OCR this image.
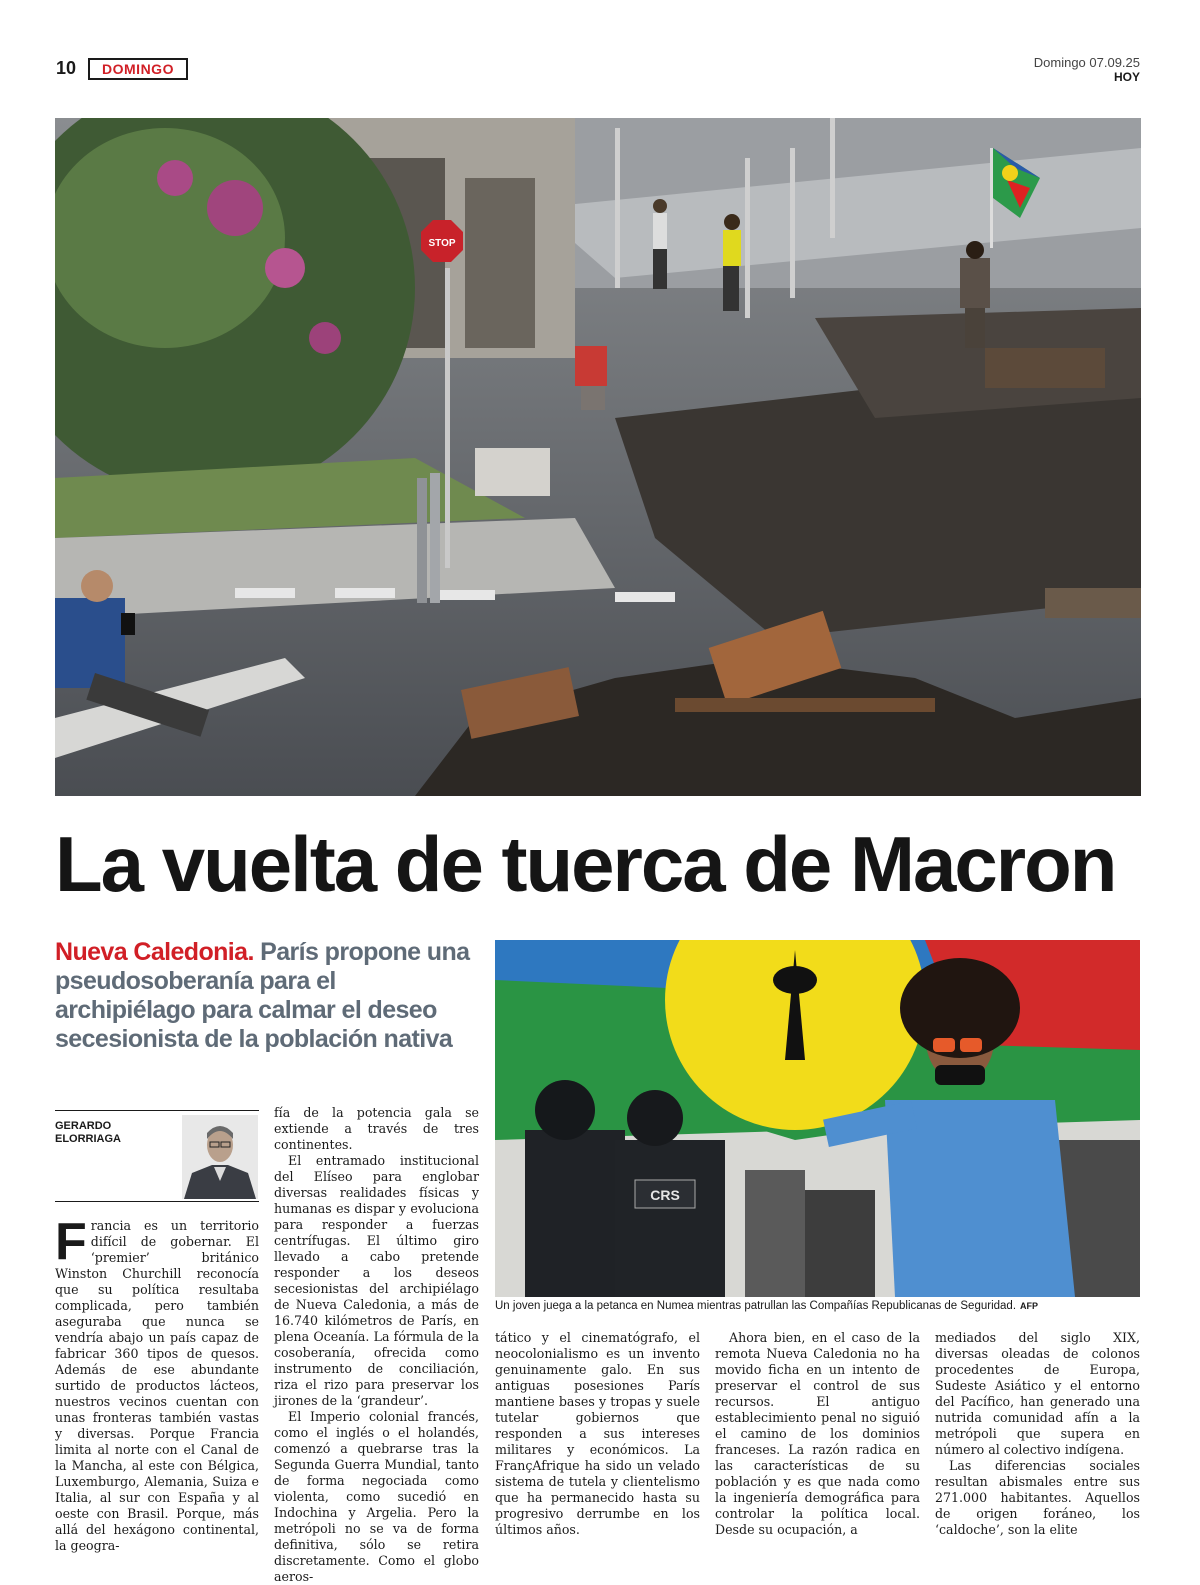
10	DOMINGO	Domingo 07.09.25
HOY
STOP
La vuelta de tuerca de Macron
Nueva Caledonia. París propone una pseudosoberanía para el archipiélago para calmar el deseo secesionista de la población nativa
GERARDO ELORRIAGA
CRS
Un joven juega a la petanca en Numea mientras patrullan las Compañías Republicanas de Seguridad. AFP

Francia es un territorio difícil de gobernar. El ‘premier’ británico Winston Churchill reconocía que su política resultaba complicada, pero también aseguraba que nunca se vendría abajo un país capaz de fabricar 360 tipos de quesos. Además de ese abundante surtido de productos lácteos, nuestros vecinos cuentan con unas fronteras también vastas y diversas. Porque Francia limita al norte con el Canal de la Mancha, al este con Bélgica, Luxemburgo, Alemania, Suiza e Italia, al sur con España y al oeste con Brasil. Porque, más allá del hexágono continental, la geogra-

fía de la potencia gala se extiende a través de tres continentes.

El entramado institucional del Elíseo para englobar diversas realidades físicas y humanas es dispar y evoluciona para responder a fuerzas centrífugas. El último giro llevado a cabo pretende responder a los deseos secesionistas del archipiélago de Nueva Caledonia, a más de 16.740 kilómetros de París, en plena Oceanía. La fórmula de la cosoberanía, ofrecida como instrumento de conciliación, riza el rizo para preservar los jirones de la ‘grandeur’.

El Imperio colonial francés, como el inglés o el holandés, comenzó a quebrarse tras la Segunda Guerra Mundial, tanto de forma negociada como violenta, como sucedió en Indochina y Argelia. Pero la metrópoli no se va de forma definitiva, sólo se retira discretamente. Como el globo aeros-

tático y el cinematógrafo, el neocolonialismo es un invento genuinamente galo. En sus antiguas posesiones París mantiene bases y tropas y suele tutelar gobiernos que responden a sus intereses militares y económicos. La FrançAfrique ha sido un velado sistema de tutela y clientelismo que ha permanecido hasta su progresivo derrumbe en los últimos años.

Ahora bien, en el caso de la remota Nueva Caledonia no ha movido ficha en un intento de preservar el control de sus recursos. El antiguo establecimiento penal no siguió el camino de los dominios franceses. La razón radica en las características de su población y es que nada como la ingeniería demográfica para controlar la política local. Desde su ocupación, a

mediados del siglo XIX, diversas oleadas de colonos procedentes de Europa, Sudeste Asiático y el entorno del Pacífico, han generado una nutrida comunidad afín a la metrópoli que supera en número al colectivo indígena.

Las diferencias sociales resultan abismales entre sus 271.000 habitantes. Aquellos de origen foráneo, los ‘caldoche’, son la elite
